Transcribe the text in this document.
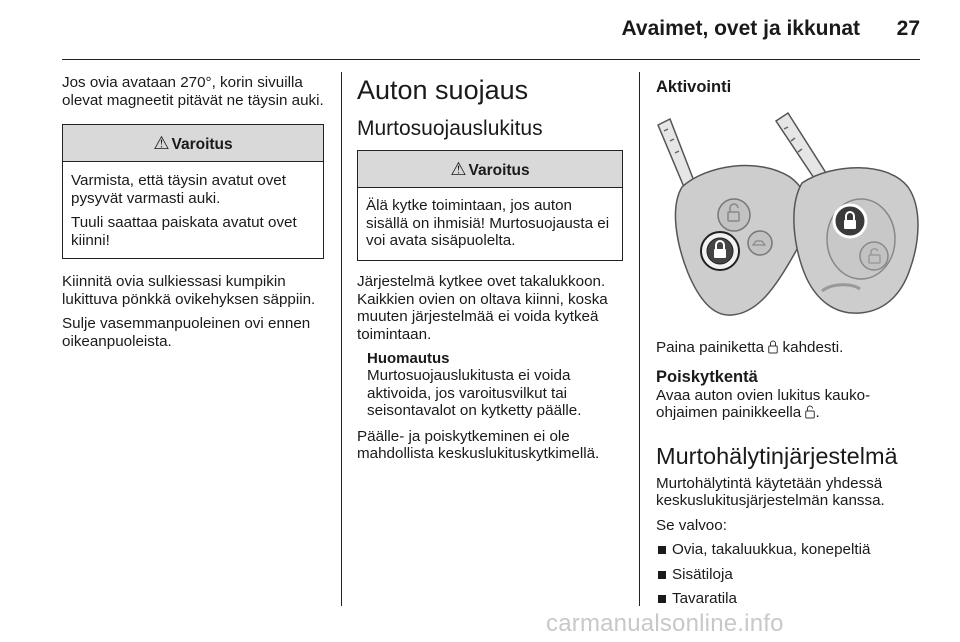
Avaimet, ovet ja ikkunat	27

Jos ovia avataan 270°, korin sivuilla olevat magneetit pitävät ne täysin auki.

⚠ Varoitus

Varmista, että täysin avatut ovet pysyvät varmasti auki.

Tuuli saattaa paiskata avatut ovet kiinni!

Kiinnitä ovia sulkiessasi kumpikin lukittuva pönkkä ovikehyksen säppiin.

Sulje vasemmanpuoleinen ovi ennen oikeanpuoleista.

Auton suojaus
Murtosuojauslukitus
⚠ Varoitus

Älä kytke toimintaan, jos auton sisällä on ihmisiä! Murtosuojausta ei voi avata sisäpuolelta.

Järjestelmä kytkee ovet takalukkoon. Kaikkien ovien on oltava kiinni, koska muuten järjestelmää ei voida kytkeä toimintaan.

Huomautus

Murtosuojauslukitusta ei voida aktivoida, jos varoitusvilkut tai seisontavalot on kytketty päälle.

Päälle- ja poiskytkeminen ei ole mahdollista keskuslukituskytkimellä.

Aktivointi

Paina painiketta kahdesti.

Poiskytkentä

Avaa auton ovien lukitus kauko-ohjaimen painikkeella .

Murtohälytinjärjestelmä

Murtohälytintä käytetään yhdessä keskuslukitusjärjestelmän kanssa.

Se valvoo:

Ovia, takaluukkua, konepeltiä
Sisätiloja
Tavaratila
carmanualsonline.info
